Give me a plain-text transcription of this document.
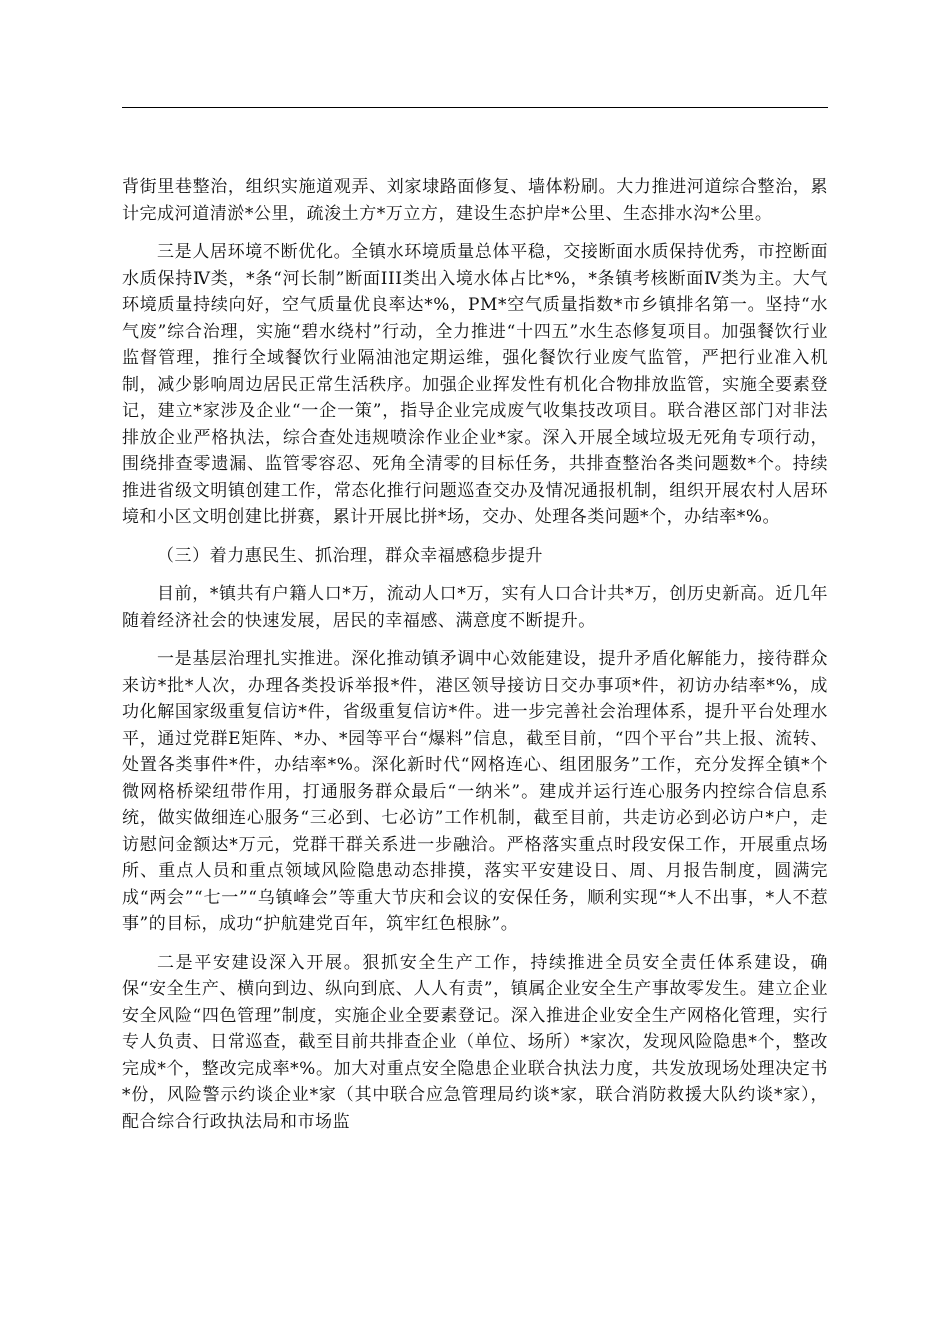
背街里巷整治，组织实施道观弄、刘家埭路面修复、墙体粉刷。大力推进河道综合整治，累计完成河道清淤*公里，疏浚土方*万立方，建设生态护岸*公里、生态排水沟*公里。

三是人居环境不断优化。全镇水环境质量总体平稳，交接断面水质保持优秀，市控断面水质保持Ⅳ类，*条“河长制”断面III类出入境水体占比*%，*条镇考核断面Ⅳ类为主。大气环境质量持续向好，空气质量优良率达*%，PM*空气质量指数*市乡镇排名第一。坚持“水气废”综合治理，实施“碧水绕村”行动，全力推进“十四五”水生态修复项目。加强餐饮行业监督管理，推行全域餐饮行业隔油池定期运维，强化餐饮行业废气监管，严把行业准入机制，减少影响周边居民正常生活秩序。加强企业挥发性有机化合物排放监管，实施全要素登记，建立*家涉及企业“一企一策”，指导企业完成废气收集技改项目。联合港区部门对非法排放企业严格执法，综合查处违规喷涂作业企业*家。深入开展全域垃圾无死角专项行动，围绕排查零遗漏、监管零容忍、死角全清零的目标任务，共排查整治各类问题数*个。持续推进省级文明镇创建工作，常态化推行问题巡查交办及情况通报机制，组织开展农村人居环境和小区文明创建比拼赛，累计开展比拼*场，交办、处理各类问题*个，办结率*%。

（三）着力惠民生、抓治理，群众幸福感稳步提升

目前，*镇共有户籍人口*万，流动人口*万，实有人口合计共*万，创历史新高。近几年随着经济社会的快速发展，居民的幸福感、满意度不断提升。

一是基层治理扎实推进。深化推动镇矛调中心效能建设，提升矛盾化解能力，接待群众来访*批*人次，办理各类投诉举报*件，港区领导接访日交办事项*件，初访办结率*%，成功化解国家级重复信访*件，省级重复信访*件。进一步完善社会治理体系，提升平台处理水平，通过党群E矩阵、*办、*园等平台“爆料”信息，截至目前，“四个平台”共上报、流转、处置各类事件*件，办结率*%。深化新时代“网格连心、组团服务”工作，充分发挥全镇*个微网格桥梁纽带作用，打通服务群众最后“一纳米”。建成并运行连心服务内控综合信息系统，做实做细连心服务“三必到、七必访”工作机制，截至目前，共走访必到必访户*户，走访慰问金额达*万元，党群干群关系进一步融洽。严格落实重点时段安保工作，开展重点场所、重点人员和重点领域风险隐患动态排摸，落实平安建设日、周、月报告制度，圆满完成“两会”“七一”“乌镇峰会”等重大节庆和会议的安保任务，顺利实现“*人不出事，*人不惹事”的目标，成功“护航建党百年，筑牢红色根脉”。

二是平安建设深入开展。狠抓安全生产工作，持续推进全员安全责任体系建设，确保“安全生产、横向到边、纵向到底、人人有责”，镇属企业安全生产事故零发生。建立企业安全风险“四色管理”制度，实施企业全要素登记。深入推进企业安全生产网格化管理，实行专人负责、日常巡查，截至目前共排查企业（单位、场所）*家次，发现风险隐患*个，整改完成*个，整改完成率*%。加大对重点安全隐患企业联合执法力度，共发放现场处理决定书*份，风险警示约谈企业*家（其中联合应急管理局约谈*家，联合消防救援大队约谈*家），配合综合行政执法局和市场监
